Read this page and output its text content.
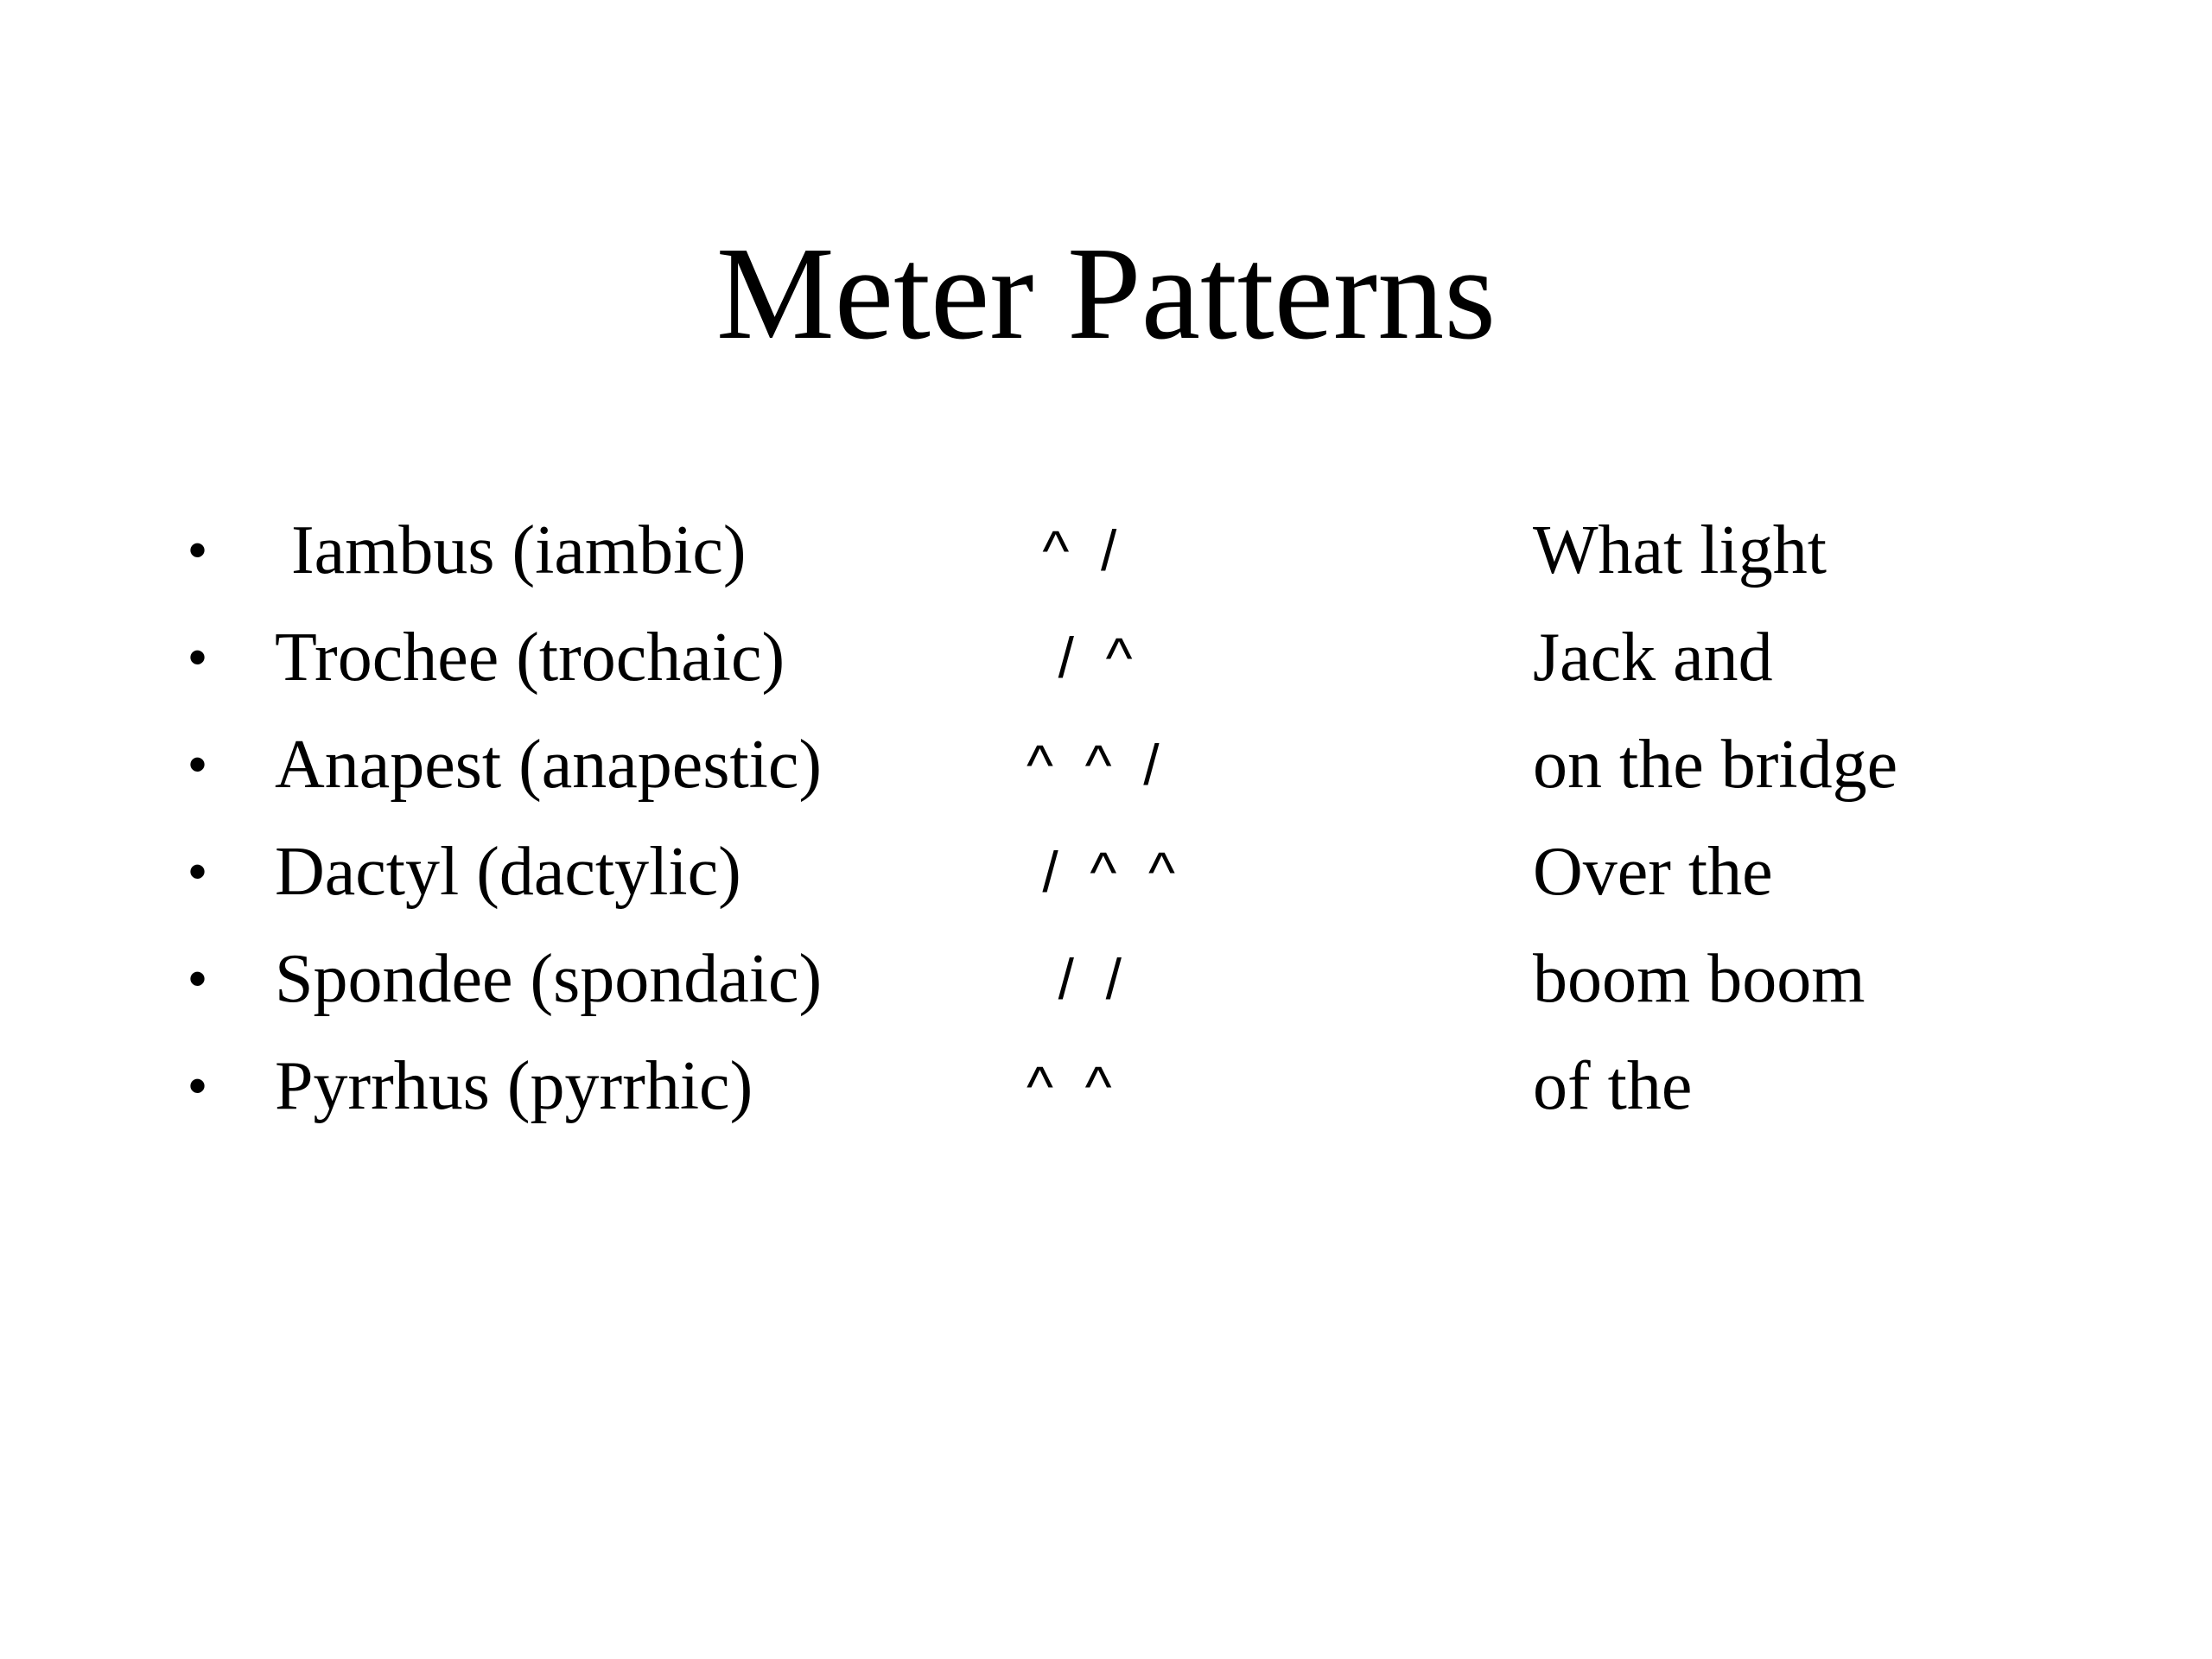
Meter Patterns
• Iambus (iambic)	^  /	What light
• Trochee (trochaic)	/  ^	Jack and
• Anapest (anapestic)	^  ^  /	on the bridge
• Dactyl (dactylic)	/  ^  ^	Over the
• Spondee (spondaic)	/  /	boom boom
• Pyrrhus (pyrrhic)	^  ^	of the
